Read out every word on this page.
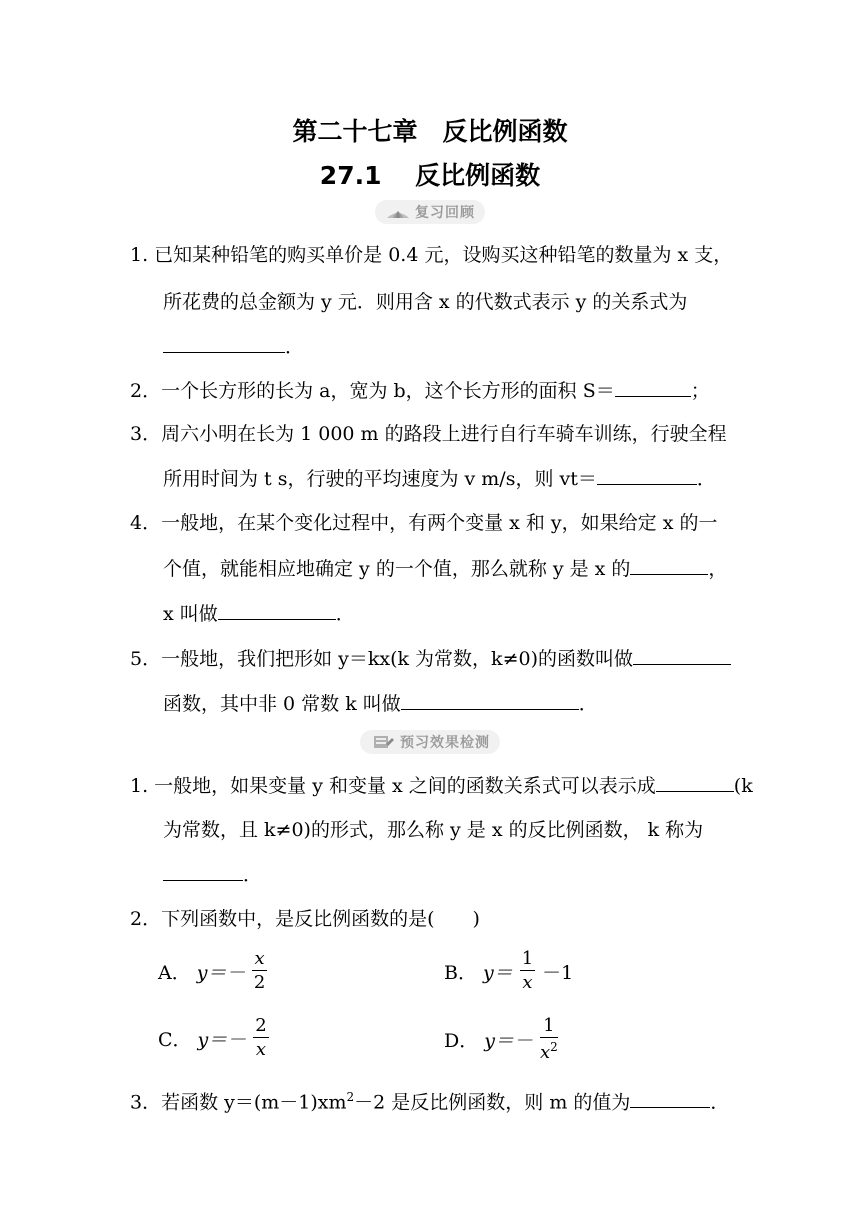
第二十七章　反比例函数
27.1　 反比例函数
复习回顾
1. 已知某种铅笔的购买单价是 0.4 元，设购买这种铅笔的数量为 x 支，
所花费的总金额为 y 元．则用含 x 的代数式表示 y 的关系式为
．
2．一个长方形的长为 a，宽为 b，这个长方形的面积 S＝	；
3．周六小明在长为 1 000 m 的路段上进行自行车骑车训练，行驶全程
所用时间为 t s，行驶的平均速度为 v m/s，则 vt＝	．
4．一般地，在某个变化过程中，有两个变量 x 和 y，如果给定 x 的一
个值，就能相应地确定 y 的一个值，那么就称 y 是 x 的	，
x 叫做	．
5．一般地，我们把形如 y＝kx(k 为常数，k≠0)的函数叫做
函数，其中非 0 常数 k 叫做	．
预习效果检测
1. 一般地，如果变量 y 和变量 x 之间的函数关系式可以表示成	(k
为常数，且 k≠0)的形式，那么称 y 是 x 的反比例函数， k 称为
．
2．下列函数中，是反比例函数的是(　　)
A． $y=- \frac{x}{2}$	B． $y= \frac{1}{x} -1$
C． $y=- \frac{2}{x}$	D． $y=- \frac{1}{x^2}$
3．若函数 $y=(m-1)xm^2-2$ 是反比例函数，则 m 的值为	．
